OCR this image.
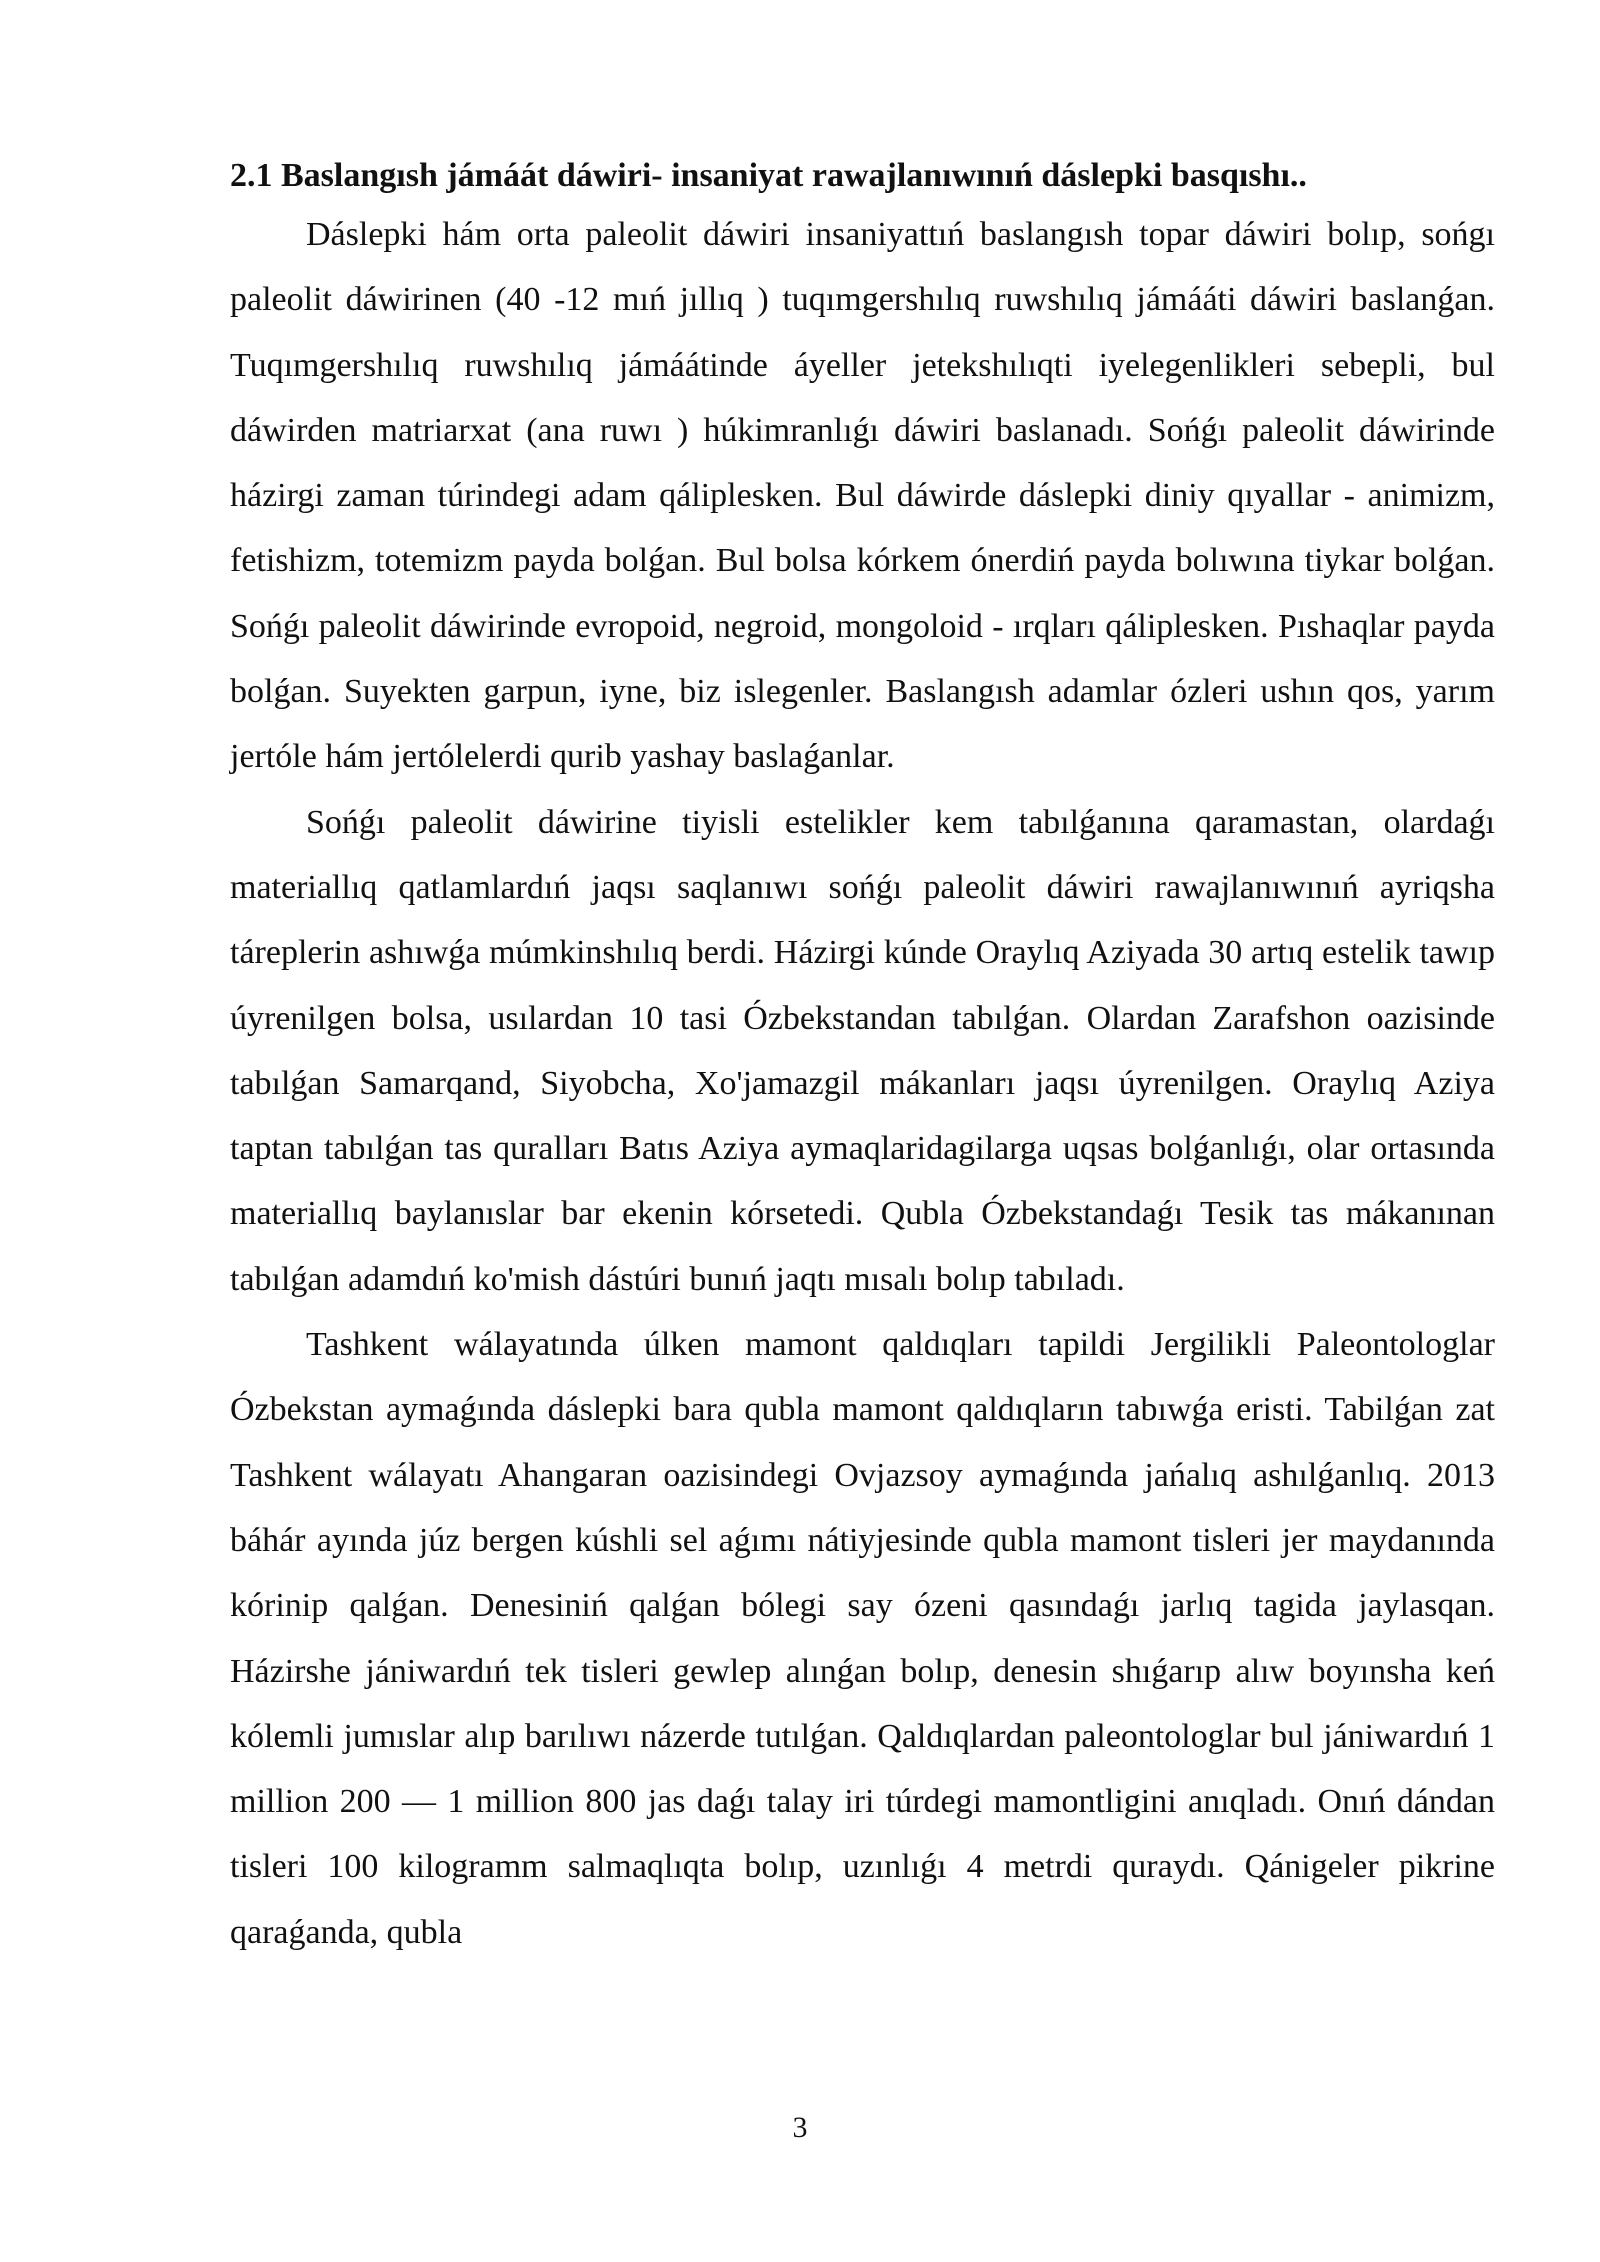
2.1 Baslangısh jámáát dáwiri- insaniyat rawajlanıwınıń dáslepki basqıshı..

Dáslepki hám orta paleolit dáwiri insaniyattıń baslangısh topar dáwiri bolıp, sońgı paleolit dáwirinen (40 -12 mıń jıllıq ) tuqımgershılıq ruwshılıq jámááti dáwiri baslanǵan. Tuqımgershılıq ruwshılıq jámáátinde áyeller jetekshılıqti iyelegenlikleri sebepli, bul dáwirden matriarxat (ana ruwı ) húkimranlıǵı dáwiri baslanadı. Sońǵı paleolit dáwirinde házirgi zaman túrindegi adam qáliplesken. Bul dáwirde dáslepki diniy qıyallar - animizm, fetishizm, totemizm payda bolǵan. Bul bolsa kórkem ónerdiń payda bolıwına tiykar bolǵan. Sońǵı paleolit dáwirinde evropoid, negroid, mongoloid - ırqları qáliplesken. Pıshaqlar payda bolǵan. Suyekten garpun, iyne, biz islegenler. Baslangısh adamlar ózleri ushın qos, yarım jertóle hám jertólelerdi qurib yashay baslaǵanlar.

Sońǵı paleolit dáwirine tiyisli estelikler kem tabılǵanına qaramastan, olardaǵı materiallıq qatlamlardıń jaqsı saqlanıwı sońǵı paleolit dáwiri rawajlanıwınıń ayriqsha táreplerin ashıwǵa múmkinshılıq berdi. Házirgi kúnde Oraylıq Aziyada 30 artıq estelik tawıp úyrenilgen bolsa, usılardan 10 tasi Ózbekstandan tabılǵan. Olardan Zarafshon oazisinde tabılǵan Samarqand, Siyobcha, Xo'jamazgil mákanları jaqsı úyrenilgen. Oraylıq Aziya taptan tabılǵan tas quralları Batıs Aziya aymaqlaridagilarga uqsas bolǵanlıǵı, olar ortasında materiallıq baylanıslar bar ekenin kórsetedi. Qubla Ózbekstandaǵı Tesik tas mákanınan tabılǵan adamdıń ko'mish dástúri bunıń jaqtı mısalı bolıp tabıladı.

Tashkent wálayatında úlken mamont qaldıqları tapildi Jergilikli Paleontologlar Ózbekstan aymaǵında dáslepki bara qubla mamont qaldıqların tabıwǵa eristi. Tabilǵan zat Tashkent wálayatı Ahangaran oazisindegi Ovjazsoy aymaǵında jańalıq ashılǵanlıq. 2013 báhár ayında júz bergen kúshli sel aǵımı nátiyjesinde qubla mamont tisleri jer maydanında kórinip qalǵan. Denesiniń qalǵan bólegi say ózeni qasındaǵı jarlıq tagida jaylasqan. Házirshe jániwardıń tek tisleri gewlep alınǵan bolıp, denesin shıǵarıp alıw boyınsha keń kólemli jumıslar alıp barılıwı názerde tutılǵan. Qaldıqlardan paleontologlar bul jániwardıń 1 million 200 — 1 million 800 jas daǵı talay iri túrdegi mamontligini anıqladı. Onıń dándan tisleri 100 kilogramm salmaqlıqta bolıp, uzınlıǵı 4 metrdi quraydı. Qánigeler pikrine qaraǵanda, qubla

3
